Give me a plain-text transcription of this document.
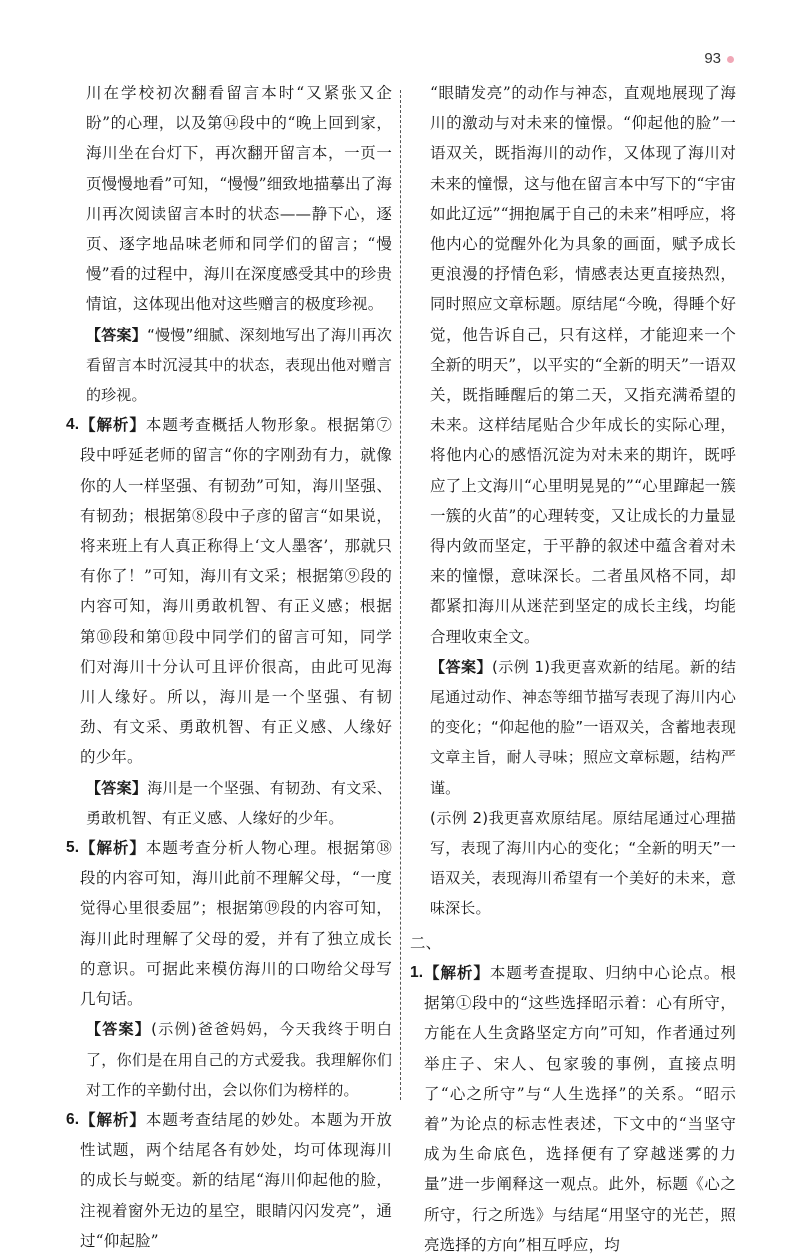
93

川在学校初次翻看留言本时“又紧张又企盼”的心理，以及第⑭段中的“晚上回到家，海川坐在台灯下，再次翻开留言本，一页一页慢慢地看”可知，“慢慢”细致地描摹出了海川再次阅读留言本时的状态——静下心，逐页、逐字地品味老师和同学们的留言；“慢慢”看的过程中，海川在深度感受其中的珍贵情谊，这体现出他对这些赠言的极度珍视。

【答案】“慢慢”细腻、深刻地写出了海川再次看留言本时沉浸其中的状态，表现出他对赠言的珍视。

4. 【解析】本题考查概括人物形象。根据第⑦段中呼延老师的留言“你的字刚劲有力，就像你的人一样坚强、有韧劲”可知，海川坚强、有韧劲；根据第⑧段中子彦的留言“如果说，将来班上有人真正称得上‘文人墨客’，那就只有你了！”可知，海川有文采；根据第⑨段的内容可知，海川勇敢机智、有正义感；根据第⑩段和第⑪段中同学们的留言可知，同学们对海川十分认可且评价很高，由此可见海川人缘好。所以，海川是一个坚强、有韧劲、有文采、勇敢机智、有正义感、人缘好的少年。

【答案】海川是一个坚强、有韧劲、有文采、勇敢机智、有正义感、人缘好的少年。

5. 【解析】本题考查分析人物心理。根据第⑱段的内容可知，海川此前不理解父母，“一度觉得心里很委屈”；根据第⑲段的内容可知，海川此时理解了父母的爱，并有了独立成长的意识。可据此来模仿海川的口吻给父母写几句话。

【答案】(示例)爸爸妈妈，今天我终于明白了，你们是在用自己的方式爱我。我理解你们对工作的辛勤付出，会以你们为榜样的。

6. 【解析】本题考查结尾的妙处。本题为开放性试题，两个结尾各有妙处，均可体现海川的成长与蜕变。新的结尾“海川仰起他的脸，注视着窗外无边的星空，眼睛闪闪发亮”，通过“仰起脸”

“眼睛发亮”的动作与神态，直观地展现了海川的激动与对未来的憧憬。“仰起他的脸”一语双关，既指海川的动作，又体现了海川对未来的憧憬，这与他在留言本中写下的“宇宙如此辽远”“拥抱属于自己的未来”相呼应，将他内心的觉醒外化为具象的画面，赋予成长更浪漫的抒情色彩，情感表达更直接热烈，同时照应文章标题。原结尾“今晚，得睡个好觉，他告诉自己，只有这样，才能迎来一个全新的明天”，以平实的“全新的明天”一语双关，既指睡醒后的第二天，又指充满希望的未来。这样结尾贴合少年成长的实际心理，将他内心的感悟沉淀为对未来的期许，既呼应了上文海川“心里明晃晃的”“心里蹿起一簇一簇的火苗”的心理转变，又让成长的力量显得内敛而坚定，于平静的叙述中蕴含着对未来的憧憬，意味深长。二者虽风格不同，却都紧扣海川从迷茫到坚定的成长主线，均能合理收束全文。

【答案】(示例 1)我更喜欢新的结尾。新的结尾通过动作、神态等细节描写表现了海川内心的变化；“仰起他的脸”一语双关，含蓄地表现文章主旨，耐人寻味；照应文章标题，结构严谨。

(示例 2)我更喜欢原结尾。原结尾通过心理描写，表现了海川内心的变化；“全新的明天”一语双关，表现海川希望有一个美好的未来，意味深长。

二、

1. 【解析】本题考查提取、归纳中心论点。根据第①段中的“这些选择昭示着：心有所守，方能在人生贪路坚定方向”可知，作者通过列举庄子、宋人、包家骏的事例，直接点明了“心之所守”与“人生选择”的关系。“昭示着”为论点的标志性表述，下文中的“当坚守成为生命底色，选择便有了穿越迷雾的力量”进一步阐释这一观点。此外，标题《心之所守，行之所选》与结尾“用坚守的光芒，照亮选择的方向”相互呼应，均
